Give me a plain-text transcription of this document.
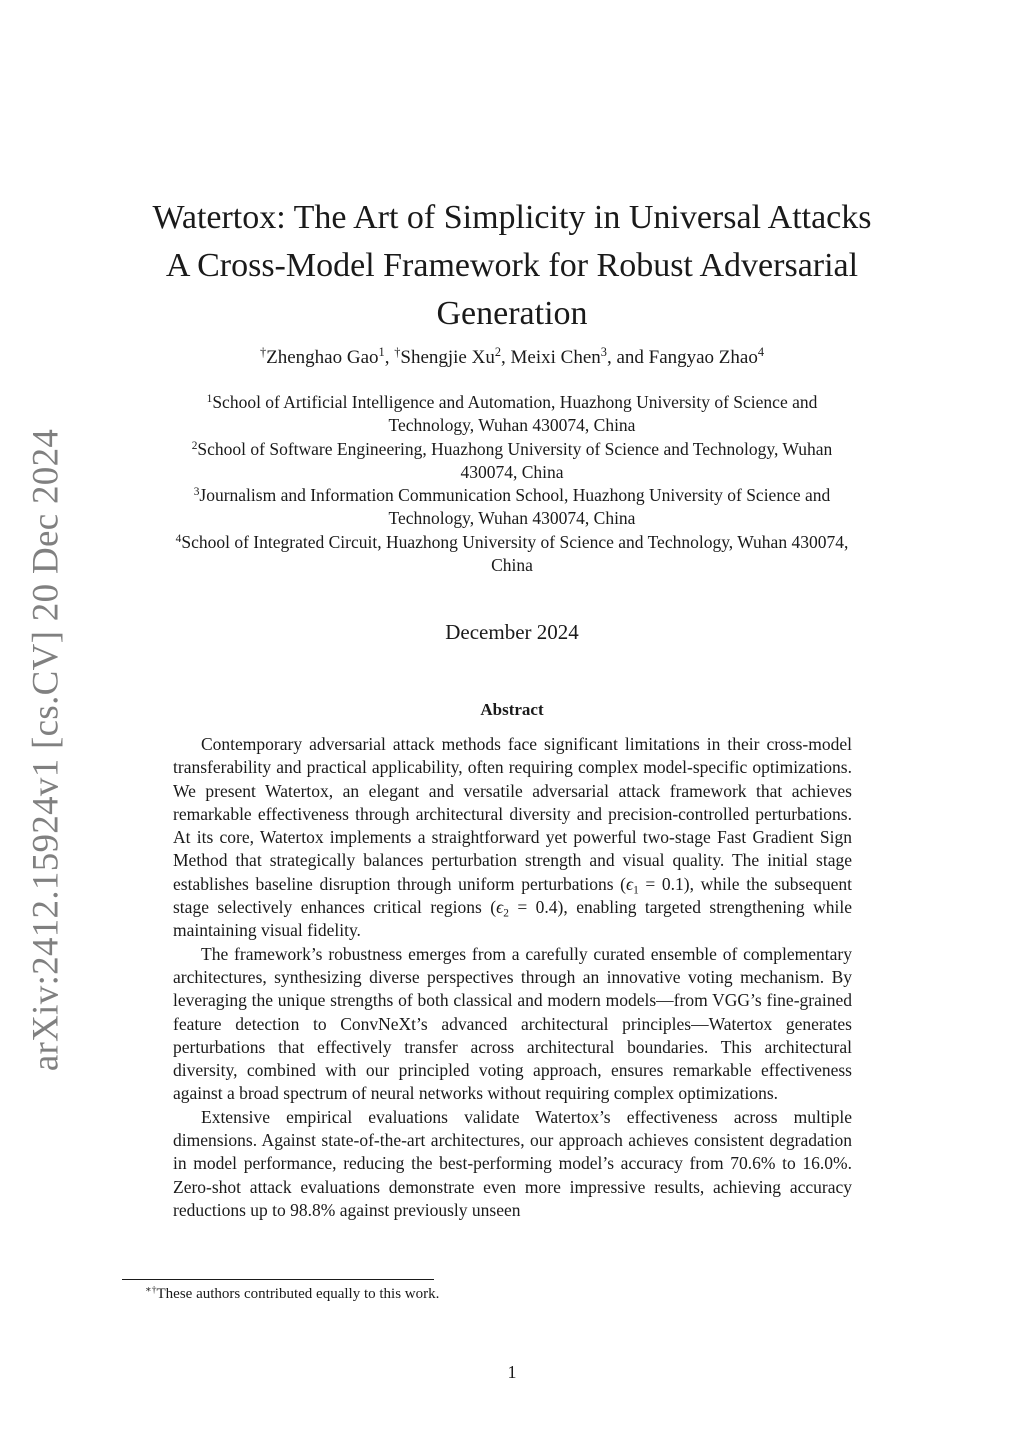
arXiv:2412.15924v1 [cs.CV] 20 Dec 2024
Watertox: The Art of Simplicity in Universal Attacks
A Cross-Model Framework for Robust Adversarial
Generation
†Zhenghao Gao$^1$, †Shengjie Xu$^2$, Meixi Chen$^3$, and Fangyao Zhao$^4$
$^1$School of Artificial Intelligence and Automation, Huazhong University of Science and
Technology, Wuhan 430074, China
$^2$School of Software Engineering, Huazhong University of Science and Technology, Wuhan
430074, China
$^3$Journalism and Information Communication School, Huazhong University of Science and
Technology, Wuhan 430074, China
$^4$School of Integrated Circuit, Huazhong University of Science and Technology, Wuhan 430074,
China
December 2024
Abstract

Contemporary adversarial attack methods face significant limitations in their cross-model transferability and practical applicability, often requiring complex model-specific optimizations. We present Watertox, an elegant and versatile adversarial attack framework that achieves remarkable effectiveness through architectural diversity and precision-controlled perturbations. At its core, Watertox implements a straightforward yet powerful two-stage Fast Gradient Sign Method that strategically balances perturbation strength and visual quality. The initial stage establishes baseline disruption through uniform perturbations $(\epsilon_1 = 0.1)$, while the subsequent stage selectively enhances critical regions $(\epsilon_2 = 0.4)$, enabling targeted strengthening while maintaining visual fidelity.

The framework’s robustness emerges from a carefully curated ensemble of complementary architectures, synthesizing diverse perspectives through an innovative voting mechanism. By leveraging the unique strengths of both classical and modern models—from VGG’s fine-grained feature detection to ConvNeXt’s advanced architectural principles—Watertox generates perturbations that effectively transfer across architectural boundaries. This architectural diversity, combined with our principled voting approach, ensures remarkable effectiveness against a broad spectrum of neural networks without requiring complex optimizations.

Extensive empirical evaluations validate Watertox’s effectiveness across multiple dimensions. Against state-of-the-art architectures, our approach achieves consistent degradation in model performance, reducing the best-performing model’s accuracy from 70.6% to 16.0%. Zero-shot attack evaluations demonstrate even more impressive results, achieving accuracy reductions up to 98.8% against previously unseen

∗†These authors contributed equally to this work.
1
